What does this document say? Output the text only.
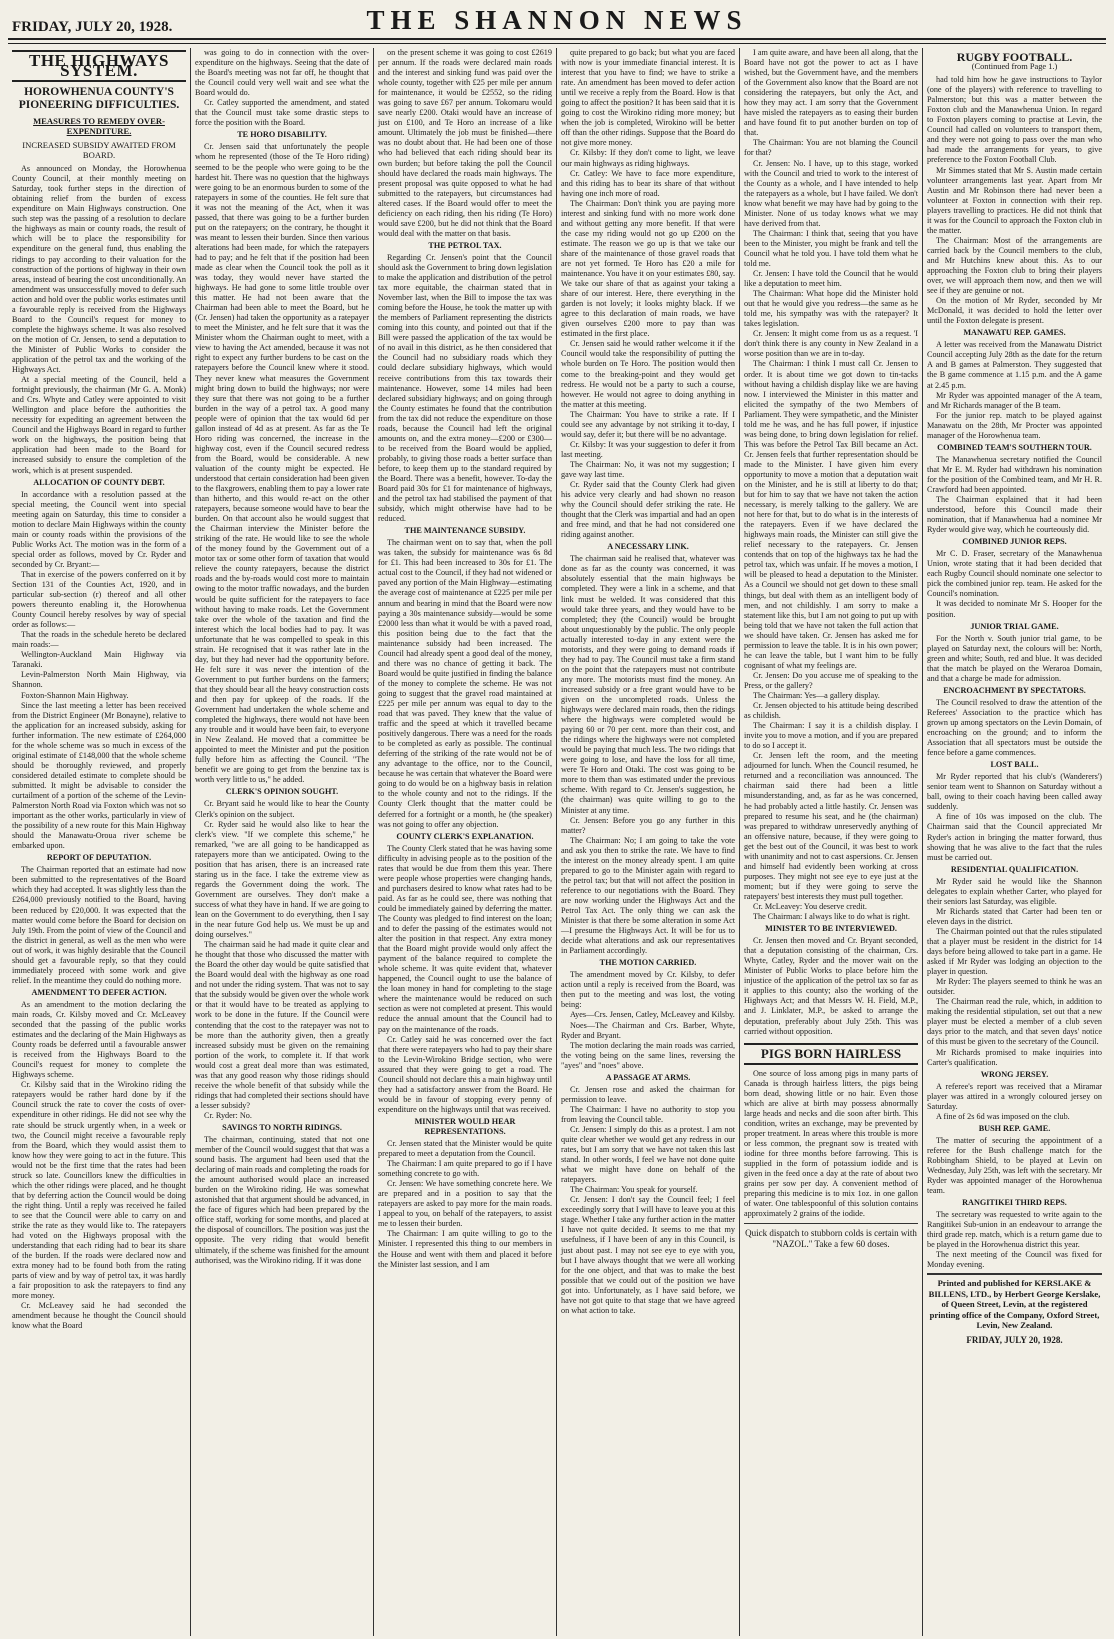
FRIDAY, JULY 20, 1928.	THE SHANNON NEWS
THE HIGHWAYS SYSTEM.
HOROWHENUA COUNTY'S PIONEERING DIFFICULTIES.
MEASURES TO REMEDY OVER-EXPENDITURE.
INCREASED SUBSIDY AWAITED FROM BOARD.

As announced on Monday, the Horowhenua County Council, at their monthly meeting on Saturday, took further steps in the direction of obtaining relief from the burden of excess expenditure on Main Highways construction. One such step was the passing of a resolution to declare the highways as main or county roads, the result of which will be to place the responsibility for expenditure on the general fund, thus enabling the ridings to pay according to their valuation for the construction of the portions of highway in their own areas, instead of bearing the cost unconditionally. An amendment was unsuccessfully moved to defer such action and hold over the public works estimates until a favourable reply is received from the Highways Board to the Council's request for money to complete the highways scheme. It was also resolved on the motion of Cr. Jensen, to send a deputation to the Minister of Public Works to consider the application of the petrol tax and the working of the Highways Act.

At a special meeting of the Council, held a fortnight previously, the chairman (Mr G. A. Monk) and Crs. Whyte and Catley were appointed to visit Wellington and place before the authorities the necessity for expediting an agreement between the Council and the Highways Board in regard to further work on the highways, the position being that application had been made to the Board for increased subsidy to ensure the completion of the work, which is at present suspended.

ALLOCATION OF COUNTY DEBT.

In accordance with a resolution passed at the special meeting, the Council went into special meeting again on Saturday, this time to consider a motion to declare Main Highways within the county main or county roads within the provisions of the Public Works Act. The motion was in the form of a special order as follows, moved by Cr. Ryder and seconded by Cr. Bryant:—

That in exercise of the powers conferred on it by Section 131 of the Counties Act, 1920, and in particular sub-section (r) thereof and all other powers thereunto enabling it, the Horowhenua County Council hereby resolves by way of special order as follows:—

That the roads in the schedule hereto be declared main roads:—

Wellington-Auckland Main Highway via Taranaki.

Levin-Palmerston North Main Highway, via Shannon.

Foxton-Shannon Main Highway.

Since the last meeting a letter has been received from the District Engineer (Mr Bonayne), relative to the application for an increased subsidy, asking for further information. The new estimate of £264,000 for the whole scheme was so much in excess of the original estimate of £148,000 that the whole scheme should be thoroughly reviewed, and properly considered detailed estimate to complete should be submitted. It might be advisable to consider the curtailment of a portion of the scheme of the Levin-Palmerston North Road via Foxton which was not so important as the other works, particularly in view of the possibility of a new route for this Main Highway should the Manawatu-Oroua river scheme be embarked upon.

REPORT OF DEPUTATION.

The Chairman reported that an estimate had now been submitted to the representatives of the Board which they had accepted. It was slightly less than the £264,000 previously notified to the Board, having been reduced by £20,000. It was expected that the matter would come before the Board for decision on July 19th. From the point of view of the Council and the district in general, as well as the men who were out of work, it was highly desirable that the Council should get a favourable reply, so that they could immediately proceed with some work and give relief. In the meantime they could do nothing more.

AMENDMENT TO DEFER ACTION.

As an amendment to the motion declaring the main roads, Cr. Kilsby moved and Cr. McLeavey seconded that the passing of the public works estimates and the declaring of the Main Highways as County roads be deferred until a favourable answer is received from the Highways Board to the Council's request for money to complete the Highways scheme.

Cr. Kilsby said that in the Wirokino riding the ratepayers would be rather hard done by if the Council struck the rate to cover the costs of over-expenditure in other ridings. He did not see why the rate should be struck urgently when, in a week or two, the Council might receive a favourable reply from the Board, which they would assist them to know how they were going to act in the future. This would not be the first time that the rates had been struck so late. Councillors knew the difficulties in which the other ridings were placed, and he thought that by deferring action the Council would be doing the right thing. Until a reply was received he failed to see that the Council were able to carry on and strike the rate as they would like to. The ratepayers had voted on the Highways proposal with the understanding that each riding had to bear its share of the burden. If the roads were declared now and extra money had to be found both from the rating parts of view and by way of petrol tax, it was hardly a fair proposition to ask the ratepayers to find any more money.

Cr. McLeavey said he had seconded the amendment because he thought the Council should know what the Board

was going to do in connection with the over-expenditure on the highways. Seeing that the date of the Board's meeting was not far off, he thought that the Council could very well wait and see what the Board would do.

Cr. Catley supported the amendment, and stated that the Council must take some drastic steps to force the position with the Board.

TE HORO DISABILITY.

Cr. Jensen said that unfortunately the people whom he represented (those of the Te Horo riding) seemed to be the people who were going to be the hardest hit. There was no question that the highways were going to be an enormous burden to some of the ratepayers in some of the counties. He felt sure that it was not the meaning of the Act, when it was passed, that there was going to be a further burden put on the ratepayers; on the contrary, he thought it was meant to lessen their burden. Since then various alterations had been made, for which the ratepayers had to pay; and he felt that if the position had been made as clear when the Council took the poll as it was today, they would never have started the highways. He had gone to some little trouble over this matter. He had not been aware that the Chairman had been able to meet the Board, but he (Cr. Jensen) had taken the opportunity as a ratepayer to meet the Minister, and he felt sure that it was the Minister whom the Chairman ought to meet, with a view to having the Act amended, because it was not right to expect any further burdens to be cast on the ratepayers before the Council knew where it stood. They never knew what measures the Government might bring down to build the highways; nor were they sure that there was not going to be a further burden in the way of a petrol tax. A good many people were of opinion that the tax would 6d per gallon instead of 4d as at present. As far as the Te Horo riding was concerned, the increase in the highway cost, even if the Council secured redress from the Board, would be considerable. A new valuation of the county might be expected. He understood that certain consideration had been given to the flaxgrowers, enabling them to pay a lower rate than hitherto, and this would re-act on the other ratepayers, because someone would have to bear the burden. On that account also he would suggest that the Chairman interview the Minister before the striking of the rate. He would like to see the whole of the money found by the Government out of a motor tax or some other form of taxation that would relieve the county ratepayers, because the district roads and the by-roads would cost more to maintain owing to the motor traffic nowadays, and the burden would be quite sufficient for the ratepayers to face without having to make roads. Let the Government take over the whole of the taxation and find the interest which the local bodies had to pay. It was unfortunate that he was compelled to speak in this strain. He recognised that it was rather late in the day, but they had never had the opportunity before. He felt sure it was never the intention of the Government to put further burdens on the farmers; that they should bear all the heavy construction costs and then pay for upkeep of the roads. If the Government had undertaken the whole scheme and completed the highways, there would not have been any trouble and it would have been fair, to everyone in New Zealand. He moved that a committee be appointed to meet the Minister and put the position fully before him as affecting the Council. "The benefit we are going to get from the benzine tax is worth very little to us," he added.

CLERK'S OPINION SOUGHT.

Cr. Bryant said he would like to hear the County Clerk's opinion on the subject.

Cr. Ryder said he would also like to hear the clerk's view. "If we complete this scheme," he remarked, "we are all going to be handicapped as ratepayers more than we anticipated. Owing to the position that has arisen, there is an increased rate staring us in the face. I take the extreme view as regards the Government doing the work. The Government are ourselves. They don't make a success of what they have in hand. If we are going to lean on the Government to do everything, then I say in the near future God help us. We must be up and doing ourselves."

The chairman said he had made it quite clear and he thought that those who discussed the matter with the Board the other day would be quite satisfied that the Board would deal with the highway as one road and not under the riding system. That was not to say that the subsidy would be given over the whole work or that it would have to be treated as applying to work to be done in the future. If the Council were contending that the cost to the ratepayer was not to be more than the authority given, then a greatly increased subsidy must be given on the remaining portion of the work, to complete it. If that work would cost a great deal more than was estimated, was that any good reason why those ridings should receive the whole benefit of that subsidy while the ridings that had completed their sections should have a lesser subsidy?

Cr. Ryder: No.

SAVINGS TO NORTH RIDINGS.

The chairman, continuing, stated that not one member of the Council would suggest that that was a sound basis. The argument had been used that the declaring of main roads and completing the roads for the amount authorised would place an increased burden on the Wirokino riding. He was somewhat astonished that that argument should be advanced, in the face of figures which had been prepared by the office staff, working for some months, and placed at the disposal of councillors. The position was just the opposite. The very riding that would benefit ultimately, if the scheme was finished for the amount authorised, was the Wirokino riding. If it was done

on the present scheme it was going to cost £2619 per annum. If the roads were declared main roads and the interest and sinking fund was paid over the whole county, together with £25 per mile per annum for maintenance, it would be £2552, so the riding was going to save £67 per annum. Tokomaru would save nearly £200. Otaki would have an increase of just on £100, and Te Horo an increase of a like amount. Ultimately the job must be finished—there was no doubt about that. He had been one of those who had believed that each riding should bear its own burden; but before taking the poll the Council should have declared the roads main highways. The present proposal was quite opposed to what he had submitted to the ratepayers, but circumstances had altered cases. If the Board would offer to meet the deficiency on each riding, then his riding (Te Horo) would save £200, but he did not think that the Board would deal with the matter on that basis.

THE PETROL TAX.

Regarding Cr. Jensen's point that the Council should ask the Government to bring down legislation to make the application and distribution of the petrol tax more equitable, the chairman stated that in November last, when the Bill to impose the tax was coming before the House, he took the matter up with the members of Parliament representing the districts coming into this county, and pointed out that if the Bill were passed the application of the tax would be of no avail in this district, as he then considered that the Council had no subsidiary roads which they could declare subsidiary highways, which would receive contributions from this tax towards their maintenance. However, some 14 miles had been declared subsidiary highways; and on going through the County estimates he found that the contribution from the tax did not reduce the expenditure on those roads, because the Council had left the original amounts on, and the extra money—£200 or £300—to be received from the Board would be applied, probably, to giving those roads a better surface than before, to keep them up to the standard required by the Board. There was a benefit, however. To-day the Board paid 30s for £1 for maintenance of highways, and the petrol tax had stabilised the payment of that subsidy, which might otherwise have had to be reduced.

THE MAINTENANCE SUBSIDY.

The chairman went on to say that, when the poll was taken, the subsidy for maintenance was 6s 8d for £1. This had been increased to 30s for £1. The actual cost to the Council, if they had not widened or paved any portion of the Main Highway—estimating the average cost of maintenance at £225 per mile per annum and bearing in mind that the Board were now paying a 30s maintenance subsidy—would be some £2000 less than what it would be with a paved road, this position being due to the fact that the maintenance subsidy had been increased. The Council had already spent a good deal of the money, and there was no chance of getting it back. The Board would be quite justified in finding the balance of the money to complete the scheme. He was not going to suggest that the gravel road maintained at £225 per mile per annum was equal to day to the road that was paved. They knew that the value of traffic and the speed at which it travelled became positively dangerous. There was a need for the roads to be completed as early as possible. The continual deferring of the striking of the rate would not be of any advantage to the office, nor to the Council, because he was certain that whatever the Board were going to do would be on a highway basis in relation to the whole county and not to the ridings. If the County Clerk thought that the matter could be deferred for a fortnight or a month, he (the speaker) was not going to offer any objection.

COUNTY CLERK'S EXPLANATION.

The County Clerk stated that he was having some difficulty in advising people as to the position of the rates that would be due from them this year. There were people whose properties were changing hands, and purchasers desired to know what rates had to be paid. As far as he could see, there was nothing that could be immediately gained by deferring the matter. The County was pledged to find interest on the loan; and to defer the passing of the estimates would not alter the position in that respect. Any extra money that the Board might provide would only affect the payment of the balance required to complete the whole scheme. It was quite evident that, whatever happened, the Council ought to use the balance of the loan money in hand for completing to the stage where the maintenance would be reduced on such section as were not completed at present. This would reduce the annual amount that the Council had to pay on the maintenance of the roads.

Cr. Catley said he was concerned over the fact that there were ratepayers who had to pay their share to the Levin-Wirokino Bridge section, who were assured that they were going to get a road. The Council should not declare this a main highway until they had a satisfactory answer from the Board. He would be in favour of stopping every penny of expenditure on the highways until that was received.

MINISTER WOULD HEAR REPRESENTATIONS.

Cr. Jensen stated that the Minister would be quite prepared to meet a deputation from the Council.

The Chairman: I am quite prepared to go if I have something concrete to go with.

Cr. Jensen: We have something concrete here. We are prepared and in a position to say that the ratepayers are asked to pay more for the main roads. I appeal to you, on behalf of the ratepayers, to assist me to lessen their burden.

The Chairman: I am quite willing to go to the Minister. I represented this thing to our members in the House and went with them and placed it before the Minister last session, and I am

quite prepared to go back; but what you are faced with now is your immediate financial interest. It is interest that you have to find; we have to strike a rate. An amendment has been moved to defer action until we receive a reply from the Board. How is that going to affect the position? It has been said that it is going to cost the Wirokino riding more money; but when the job is completed, Wirokino will be better off than the other ridings. Suppose that the Board do not give more money.

Cr. Kilsby: If they don't come to light, we leave our main highways as riding highways.

Cr. Catley: We have to face more expenditure, and this riding has to bear its share of that without having one inch more of road.

The Chairman: Don't think you are paying more interest and sinking fund with no more work done and without getting any more benefit. If that were the case my riding would not go up £200 on the estimate. The reason we go up is that we take our share of the maintenance of those gravel roads that are not yet formed. Te Horo has £20 a mile for maintenance. You have it on your estimates £80, say. We take our share of that as against your taking a share of our interest. Here, there everything in the garden is not lovely; it looks mighty black. If we agree to this declaration of main roads, we have given ourselves £200 more to pay than was estimated in the first place.

Cr. Jensen said he would rather welcome it if the Council would take the responsibility of putting the whole burden on Te Horo. The position would then come to the breaking-point and they would get redress. He would not be a party to such a course, however. He would not agree to doing anything in the matter at this meeting.

The Chairman: You have to strike a rate. If I could see any advantage by not striking it to-day, I would say, defer it; but there will be no advantage.

Cr. Kilsby: It was your suggestion to defer it from last meeting.

The Chairman: No, it was not my suggestion; I gave way last time.

Cr. Ryder said that the County Clerk had given his advice very clearly and had shown no reason why the Council should defer striking the rate. He thought that the Clerk was impartial and had an open and free mind, and that he had not considered one riding against another.

A NECESSARY LINK.

The chairman said he realised that, whatever was done as far as the county was concerned, it was absolutely essential that the main highways be completed. They were a link in a scheme, and that link must be welded. It was considered that this would take three years, and they would have to be completed; they (the Council) would be brought about unquestionably by the public. The only people actually interested to-day in any extent were the motorists, and they were going to demand roads if they had to pay. The Council must take a firm stand on the point that the ratepayers must not contribute any more. The motorists must find the money. An increased subsidy or a free grant would have to be given on the uncompleted roads. Unless the highways were declared main roads, then the ridings where the highways were completed would be paying 60 or 70 per cent. more than their cost, and the ridings where the highways were not completed would be paying that much less. The two ridings that were going to lose, and have the loss for all time, were Te Horo and Otaki. The cost was going to be more to them than was estimated under the previous scheme. With regard to Cr. Jensen's suggestion, he (the chairman) was quite willing to go to the Minister at any time.

Cr. Jensen: Before you go any further in this matter?

The Chairman: No; I am going to take the vote and ask you then to strike the rate. We have to find the interest on the money already spent. I am quite prepared to go to the Minister again with regard to the petrol tax; but that will not affect the position in reference to our negotiations with the Board. They are now working under the Highways Act and the Petrol Tax Act. The only thing we can ask the Minister is that there be some alteration in some Act—I presume the Highways Act. It will be for us to decide what alterations and ask our representatives in Parliament accordingly.

THE MOTION CARRIED.

The amendment moved by Cr. Kilsby, to defer action until a reply is received from the Board, was then put to the meeting and was lost, the voting being:

Ayes—Crs. Jensen, Catley, McLeavey and Kilsby.

Noes—The Chairman and Crs. Barber, Whyte, Ryder and Bryant.

The motion declaring the main roads was carried, the voting being on the same lines, reversing the "ayes" and "noes" above.

A PASSAGE AT ARMS.

Cr. Jensen rose and asked the chairman for permission to leave.

The Chairman: I have no authority to stop you from leaving the Council table.

Cr. Jensen: I simply do this as a protest. I am not quite clear whether we would get any redress in our rates, but I am sorry that we have not taken this last stand. In other words, I feel we have not done quite what we might have done on behalf of the ratepayers.

The Chairman: You speak for yourself.

Cr. Jensen: I don't say the Council feel; I feel exceedingly sorry that I will have to leave you at this stage. Whether I take any further action in the matter I have not quite decided. It seems to me that my usefulness, if I have been of any in this Council, is just about past. I may not see eye to eye with you, but I have always thought that we were all working for the one object, and that was to make the best possible that we could out of the position we have got into. Unfortunately, as I have said before, we have not got quite to that stage that we have agreed on what action to take.

I am quite aware, and have been all along, that the Board have not got the power to act as I have wished, but the Government have, and the members of the Government also know that the Board are not considering the ratepayers, but only the Act, and how they may act. I am sorry that the Government have misled the ratepayers as to easing their burden and have found fit to put another burden on top of that.

The Chairman: You are not blaming the Council for that?

Cr. Jensen: No. I have, up to this stage, worked with the Council and tried to work to the interest of the County as a whole, and I have intended to help the ratepayers as a whole, but I have failed. We don't know what benefit we may have had by going to the Minister. None of us today knows what we may have derived from that.

The Chairman: I think that, seeing that you have been to the Minister, you might be frank and tell the Council what he told you. I have told them what he told me.

Cr. Jensen: I have told the Council that he would like a deputation to meet him.

The Chairman: What hope did the Minister hold out that he would give you redress—the same as he told me, his sympathy was with the ratepayer? It takes legislation.

Cr. Jensen: It might come from us as a request. 'I don't think there is any county in New Zealand in a worse position than we are in to-day.

The Chairman: I think I must call Cr. Jensen to order. It is about time we got down to tin-tacks without having a childish display like we are having now. I interviewed the Minister in this matter and elicited the sympathy of the two Members of Parliament. They were sympathetic, and the Minister told me he was, and he has full power, if injustice was being done, to bring down legislation for relief. This was before the Petrol Tax Bill became an Act. Cr. Jensen feels that further representation should be made to the Minister. I have given him every opportunity to move a motion that a deputation wait on the Minister, and he is still at liberty to do that; but for him to say that we have not taken the action necessary, is merely talking to the gallery. We are not here for that, but to do what is in the interests of the ratepayers. Even if we have declared the highways main roads, the Minister can still give the relief necessary to the ratepayers. Cr. Jensen contends that on top of the highways tax he had the petrol tax, which was unfair. If he moves a motion, I will be pleased to head a deputation to the Minister. As a Council we should not get down to these small things, but deal with them as an intelligent body of men, and not childishly. I am sorry to make a statement like this, but I am not going to put up with being told that we have not taken the full action that we should have taken. Cr. Jensen has asked me for permission to leave the table. It is in his own power; he can leave the table, but I want him to be fully cognisant of what my feelings are.

Cr. Jensen: Do you accuse me of speaking to the Press, or the gallery?

The Chairman: Yes—a gallery display.

Cr. Jensen objected to his attitude being described as childish.

The Chairman: I say it is a childish display. I invite you to move a motion, and if you are prepared to do so I accept it.

Cr. Jensen left the room, and the meeting adjourned for lunch. When the Council resumed, he returned and a reconciliation was announced. The chairman said there had been a little misunderstanding, and, as far as he was concerned, he had probably acted a little hastily. Cr. Jensen was prepared to resume his seat, and he (the chairman) was prepared to withdraw unreservedly anything of an offensive nature, because, if they were going to get the best out of the Council, it was best to work with unanimity and not to cast aspersions. Cr. Jensen and himself had evidently been working at cross purposes. They might not see eye to eye just at the moment; but if they were going to serve the ratepayers' best interests they must pull together.

Cr. McLeavey: You deserve credit.

The Chairman: I always like to do what is right.

MINISTER TO BE INTERVIEWED.

Cr. Jensen then moved and Cr. Bryant seconded, that a deputation consisting of the chairman, Crs. Whyte, Catley, Ryder and the mover wait on the Minister of Public Works to place before him the injustice of the application of the petrol tax so far as it applies to this county; also the working of the Highways Act; and that Messrs W. H. Field, M.P., and J. Linklater, M.P., be asked to arrange the deputation, preferably about July 25th. This was carried without opposition.

PIGS BORN HAIRLESS

One source of loss among pigs in many parts of Canada is through hairless litters, the pigs being born dead, showing little or no hair. Even those which are alive at birth may possess abnormally large heads and necks and die soon after birth. This condition, writes an exchange, may be prevented by proper treatment. In areas where this trouble is more or less common, the pregnant sow is treated with iodine for three months before farrowing. This is supplied in the form of potassium iodide and is given in the feed once a day at the rate of about two grains per sow per day. A convenient method of preparing this medicine is to mix 1oz. in one gallon of water. One tablespoonful of this solution contains approximately 2 grains of the iodide.

Quick dispatch to stubborn colds is certain with "NAZOL." Take a few 60 doses.
RUGBY FOOTBALL.
(Continued from Page 1.)

had told him how he gave instructions to Taylor (one of the players) with reference to travelling to Palmerston; but this was a matter between the Foxton club and the Manawhenua Union. In regard to Foxton players coming to practise at Levin, the Council had called on volunteers to transport them, and they were not going to pass over the man who had made the arrangements for years, to give preference to the Foxton Football Club.

Mr Simmes stated that Mr S. Austin made certain volunteer arrangements last year. Apart from Mr Austin and Mr Robinson there had never been a volunteer at Foxton in connection with their rep. players travelling to practices. He did not think that it was for the Council to approach the Foxton club in the matter.

The Chairman: Most of the arrangements are carried back by the Council members to the club, and Mr Hutchins knew about this. As to our approaching the Foxton club to bring their players over, we will approach them now, and then we will see if they are genuine or not.

On the motion of Mr Ryder, seconded by Mr McDonald, it was decided to hold the letter over until the Foxton delegate is present.

MANAWATU REP. GAMES.

A letter was received from the Manawatu District Council accepting July 28th as the date for the return A and B games at Palmerston. They suggested that the B game commence at 1.15 p.m. and the A game at 2.45 p.m.

Mr Ryder was appointed manager of the A team, and Mr Richards manager of the B team.

For the junior rep. match to be played against Manawatu on the 28th, Mr Procter was appointed manager of the Horowhenua team.

COMBINED TEAM'S SOUTHERN TOUR.

The Manawhenua secretary notified the Council that Mr E. M. Ryder had withdrawn his nomination for the position of the Combined team, and Mr H. R. Crawford had been appointed.

The Chairman explained that it had been understood, before this Council made their nomination, that if Manawhenua had a nominee Mr Ryder would give way, which he courteously did.

COMBINED JUNIOR REPS.

Mr C. D. Fraser, secretary of the Manawhenua Union, wrote stating that it had been decided that each Rugby Council should nominate one selector to pick the combined junior rep. team. He asked for the Council's nomination.

It was decided to nominate Mr S. Hooper for the position.

JUNIOR TRIAL GAME.

For the North v. South junior trial game, to be played on Saturday next, the colours will be: North, green and white; South, red and blue. It was decided that the match be played on the Weraroa Domain, and that a charge be made for admission.

ENCROACHMENT BY SPECTATORS.

The Council resolved to draw the attention of the Referees' Association to the practice which has grown up among spectators on the Levin Domain, of encroaching on the ground; and to inform the Association that all spectators must be outside the fence before a game commences.

LOST BALL.

Mr Ryder reported that his club's (Wanderers') senior team went to Shannon on Saturday without a ball, owing to their coach having been called away suddenly.

A fine of 10s was imposed on the club. The Chairman said that the Council appreciated Mr Ryder's action in bringing the matter forward, thus showing that he was alive to the fact that the rules must be carried out.

RESIDENTIAL QUALIFICATION.

Mr Ryder said he would like the Shannon delegates to explain whether Carter, who played for their seniors last Saturday, was eligible.

Mr Richards stated that Carter had been ten or eleven days in the district.

The Chairman pointed out that the rules stipulated that a player must be resident in the district for 14 days before being allowed to take part in a game. He asked if Mr Ryder was lodging an objection to the player in question.

Mr Ryder: The players seemed to think he was an outsider.

The Chairman read the rule, which, in addition to making the residential stipulation, set out that a new player must be elected a member of a club seven days prior to the match, and that seven days' notice of this must be given to the secretary of the Council.

Mr Richards promised to make inquiries into Carter's qualification.

WRONG JERSEY.

A referee's report was received that a Miramar player was attired in a wrongly coloured jersey on Saturday.

A fine of 2s 6d was imposed on the club.

BUSH REP. GAME.

The matter of securing the appointment of a referee for the Bush challenge match for the Robbingham Shield, to be played at Levin on Wednesday, July 25th, was left with the secretary. Mr Ryder was appointed manager of the Horowhenua team.

RANGITIKEI THIRD REPS.

The secretary was requested to write again to the Rangitikei Sub-union in an endeavour to arrange the third grade rep. match, which is a return game due to be played in the Horowhenua district this year.

The next meeting of the Council was fixed for Monday evening.

Printed and published for KERSLAKE & BILLENS, LTD., by Herbert George Kerslake, of Queen Street, Levin, at the registered printing office of the Company, Oxford Street, Levin, New Zealand.
FRIDAY, JULY 20, 1928.
